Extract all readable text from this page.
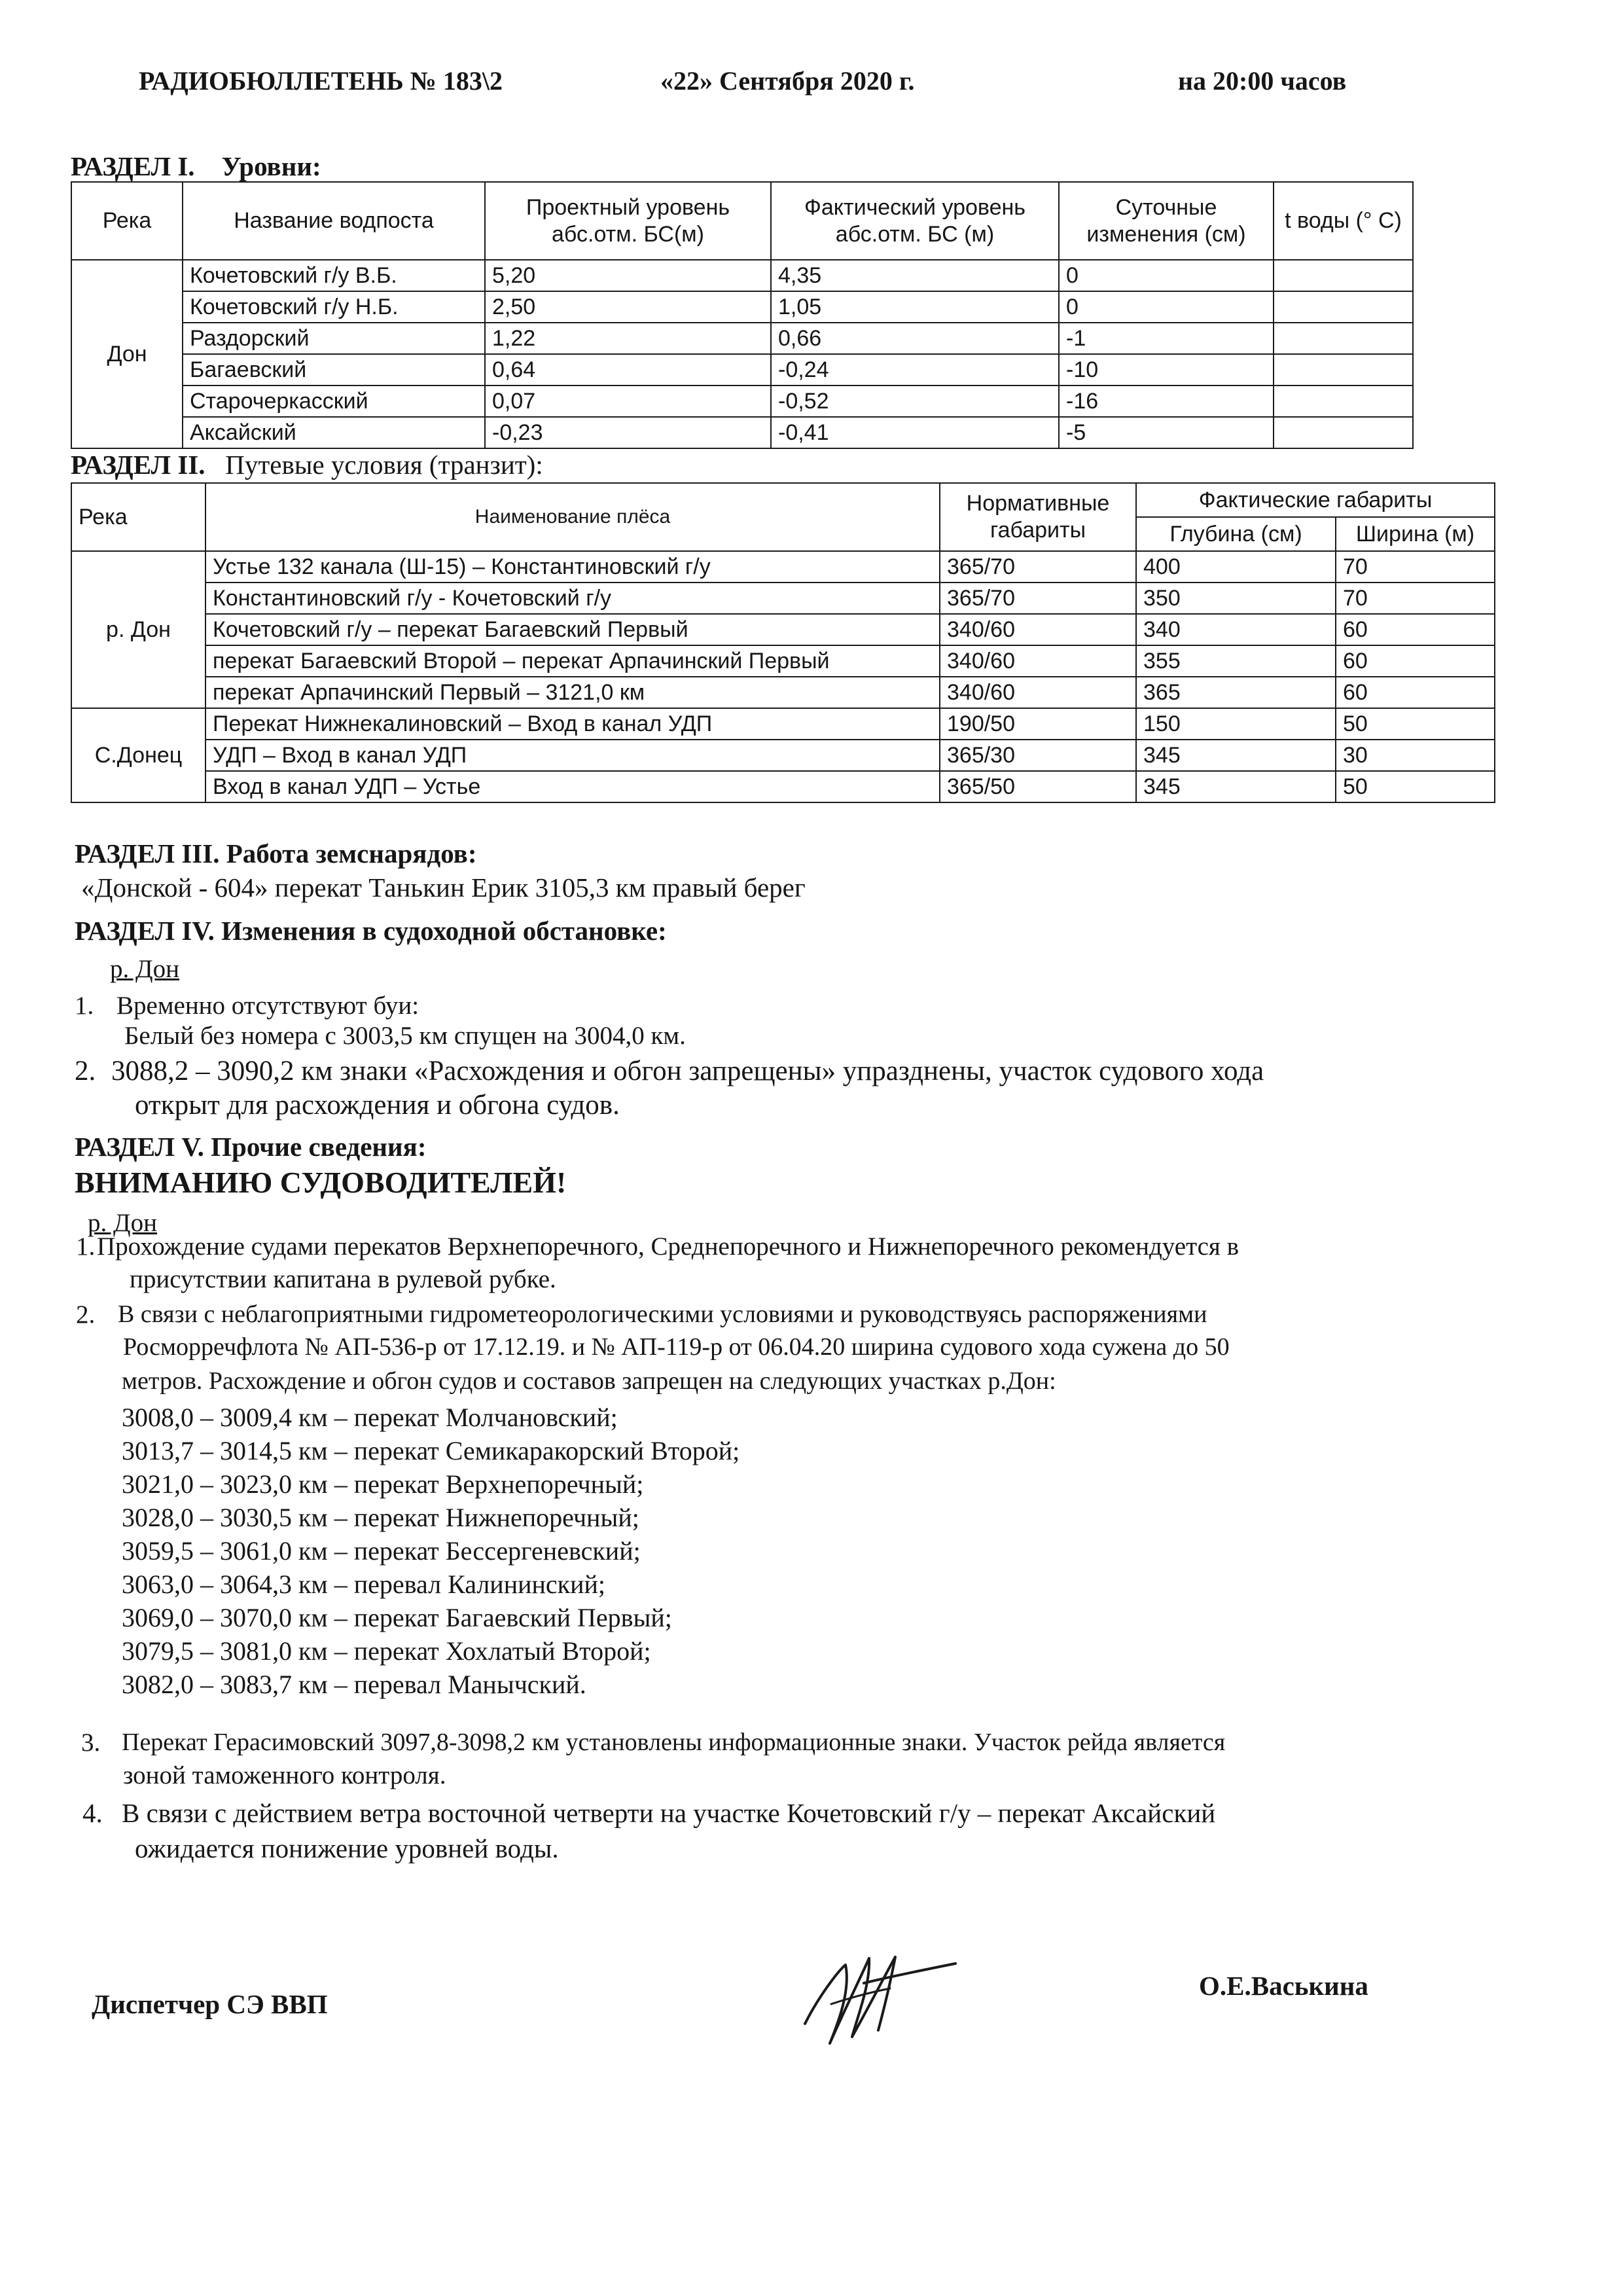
РАДИОБЮЛЛЕТЕНЬ № 183\2	«22» Сентября 2020 г.	на 20:00 часов
РАЗДЕЛ I. Уровни:
Река	Название водпоста	Проектный уровень абс.отм. БС(м)	Фактический уровень абс.отм. БС (м)	Суточные изменения (см)	t воды (° С)
Дон	Кочетовский г/у В.Б.	5,20	4,35	0	
	Кочетовский г/у Н.Б.	2,50	1,05	0	
	Раздорский	1,22	0,66	-1	
	Багаевский	0,64	-0,24	-10	
	Старочеркасский	0,07	-0,52	-16	
	Аксайский	-0,23	-0,41	-5	
РАЗДЕЛ II. Путевые условия (транзит):
Река	Наименование плёса	Нормативные габариты	Фактические габариты	
			Глубина (см)	Ширина (м)
р. Дон	Устье 132 канала (Ш-15) – Константиновский г/у	365/70	400	70
	Константиновский г/у - Кочетовский г/у	365/70	350	70
	Кочетовский г/у – перекат Багаевский Первый	340/60	340	60
	перекат Багаевский Второй – перекат Арпачинский Первый	340/60	355	60
	перекат Арпачинский Первый – 3121,0 км	340/60	365	60
С.Донец	Перекат Нижнекалиновский – Вход в канал УДП	190/50	150	50
	УДП – Вход в канал УДП	365/30	345	30
	Вход в канал УДП – Устье	365/50	345	50
РАЗДЕЛ III. Работа земснарядов:
«Донской - 604» перекат Танькин Ерик 3105,3 км правый берег
РАЗДЕЛ IV. Изменения в судоходной обстановке:
р. Дон
1. Временно отсутствуют буи:
Белый без номера с 3003,5 км спущен на 3004,0 км.
2. 3088,2 – 3090,2 км знаки «Расхождения и обгон запрещены» упразднены, участок судового хода
открыт для расхождения и обгона судов.
РАЗДЕЛ V. Прочие сведения:
ВНИМАНИЮ СУДОВОДИТЕЛЕЙ!
р. Дон
1. Прохождение судами перекатов Верхнепоречного, Среднепоречного и Нижнепоречного рекомендуется в
присутствии капитана в рулевой рубке.
2. В связи с неблагоприятными гидрометеорологическими условиями и руководствуясь распоряжениями
Росморречфлота № АП-536-р от 17.12.19. и № АП-119-р от 06.04.20 ширина судового хода сужена до 50
метров. Расхождение и обгон судов и составов запрещен на следующих участках р.Дон:
3008,0 – 3009,4 км – перекат Молчановский;
3013,7 – 3014,5 км – перекат Семикаракорский Второй;
3021,0 – 3023,0 км – перекат Верхнепоречный;
3028,0 – 3030,5 км – перекат Нижнепоречный;
3059,5 – 3061,0 км – перекат Бессергеневский;
3063,0 – 3064,3 км – перевал Калининский;
3069,0 – 3070,0 км – перекат Багаевский Первый;
3079,5 – 3081,0 км – перекат Хохлатый Второй;
3082,0 – 3083,7 км – перевал Манычский.
3. Перекат Герасимовский 3097,8-3098,2 км установлены информационные знаки. Участок рейда является
зоной таможенного контроля.
4. В связи с действием ветра восточной четверти на участке Кочетовский г/у – перекат Аксайский
ожидается понижение уровней воды.
Диспетчер СЭ ВВП
О.Е.Васькина
